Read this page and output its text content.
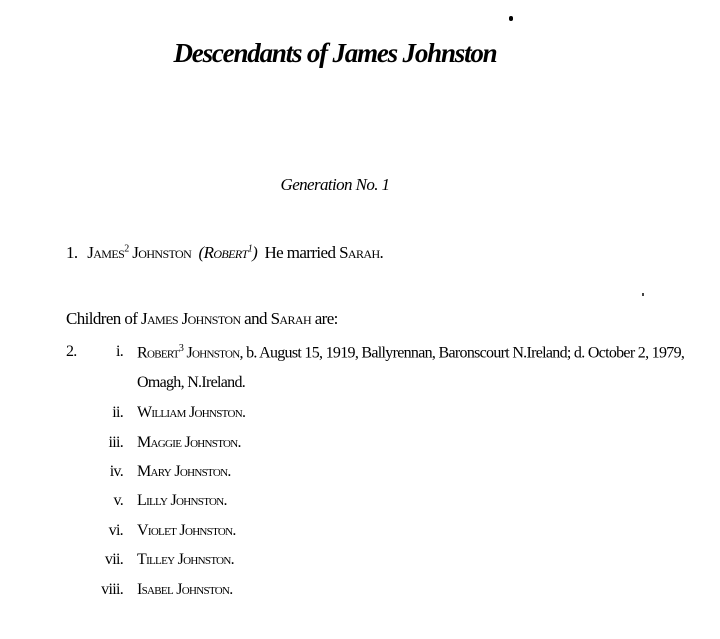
Descendants of James Johnston
Generation No. 1
1. James$^2$ Johnston (Robert$^1$) He married Sarah.
Children of James Johnston and Sarah are:
2.	i. Robert$^3$ Johnston, b. August 15, 1919, Ballyrennan, Baronscourt N.Ireland; d. October 2, 1979,
Omagh, N.Ireland.
ii. William Johnston.
iii. Maggie Johnston.
iv. Mary Johnston.
v. Lilly Johnston.
vi. Violet Johnston.
vii. Tilley Johnston.
viii. Isabel Johnston.
